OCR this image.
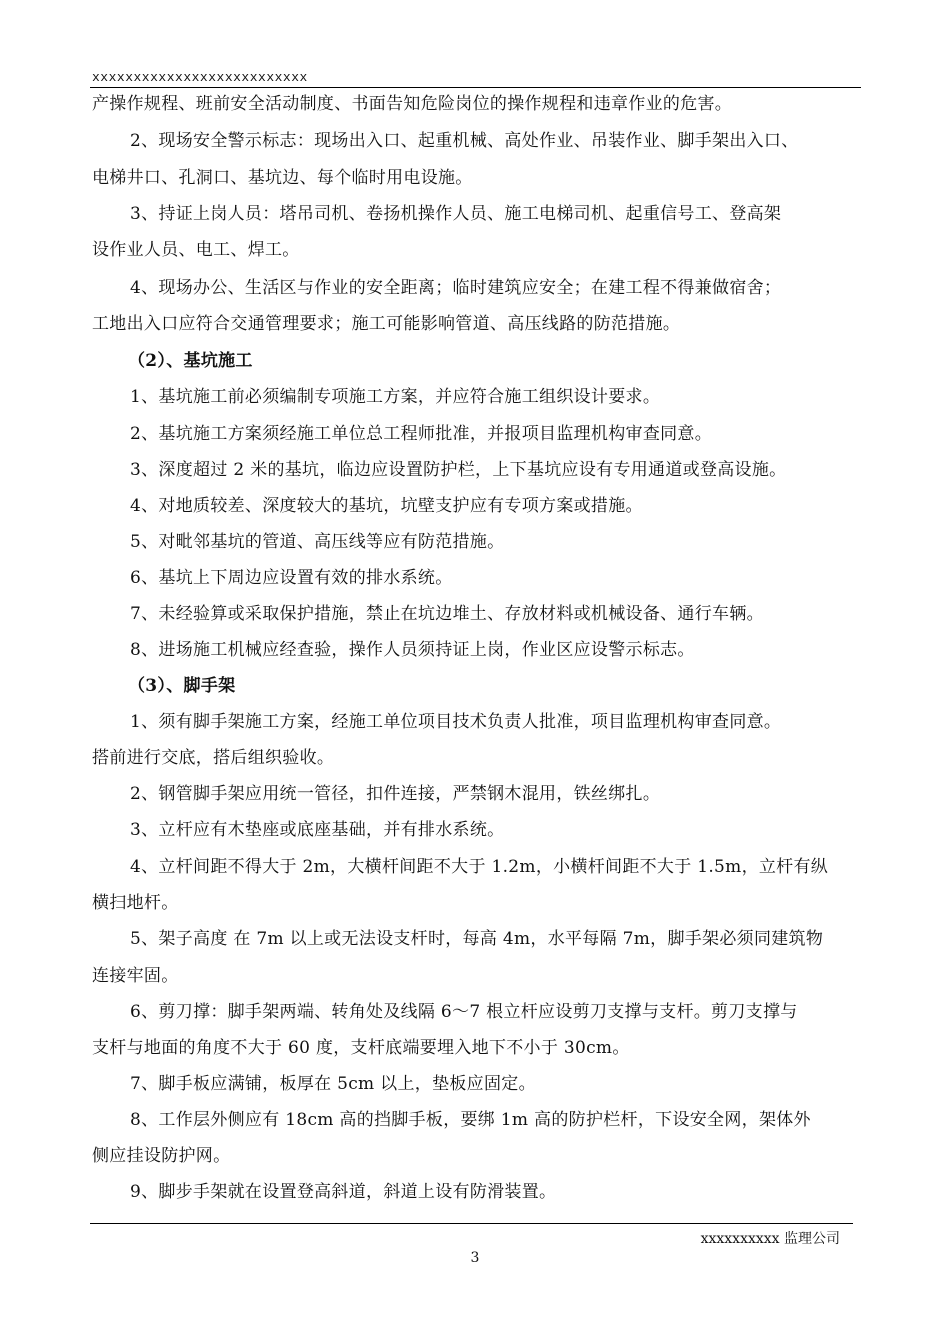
xxxxxxxxxxxxxxxxxxxxxxxxxx
产操作规程、班前安全活动制度、书面告知危险岗位的操作规程和违章作业的危害。
2、现场安全警示标志：现场出入口、起重机械、高处作业、吊装作业、脚手架出入口、
电梯井口、孔洞口、基坑边、每个临时用电设施。
3、持证上岗人员：塔吊司机、卷扬机操作人员、施工电梯司机、起重信号工、登高架
设作业人员、电工、焊工。
4、现场办公、生活区与作业的安全距离；临时建筑应安全；在建工程不得兼做宿舍；
工地出入口应符合交通管理要求；施工可能影响管道、高压线路的防范措施。
（2）、基坑施工
1、基坑施工前必须编制专项施工方案，并应符合施工组织设计要求。
2、基坑施工方案须经施工单位总工程师批准，并报项目监理机构审查同意。
3、深度超过 2 米的基坑，临边应设置防护栏，上下基坑应设有专用通道或登高设施。
4、对地质较差、深度较大的基坑，坑壁支护应有专项方案或措施。
5、对毗邻基坑的管道、高压线等应有防范措施。
6、基坑上下周边应设置有效的排水系统。
7、未经验算或采取保护措施，禁止在坑边堆土、存放材料或机械设备、通行车辆。
8、进场施工机械应经查验，操作人员须持证上岗，作业区应设警示标志。
（3）、脚手架
1、须有脚手架施工方案，经施工单位项目技术负责人批准，项目监理机构审查同意。
搭前进行交底，搭后组织验收。
2、钢管脚手架应用统一管径，扣件连接，严禁钢木混用，铁丝绑扎。
3、立杆应有木垫座或底座基础，并有排水系统。
4、立杆间距不得大于 2m，大横杆间距不大于 1.2m，小横杆间距不大于 1.5m，立杆有纵
横扫地杆。
5、架子高度 在 7m 以上或无法设支杆时，每高 4m，水平每隔 7m，脚手架必须同建筑物
连接牢固。
6、剪刀撑：脚手架两端、转角处及线隔 6～7 根立杆应设剪刀支撑与支杆。剪刀支撑与
支杆与地面的角度不大于 60 度，支杆底端要埋入地下不小于 30cm。
7、脚手板应满铺，板厚在 5cm 以上，垫板应固定。
8、工作层外侧应有 18cm 高的挡脚手板，要绑 1m 高的防护栏杆，下设安全网，架体外
侧应挂设防护网。
9、脚步手架就在设置登高斜道，斜道上设有防滑装置。
xxxxxxxxxx 监理公司
3
